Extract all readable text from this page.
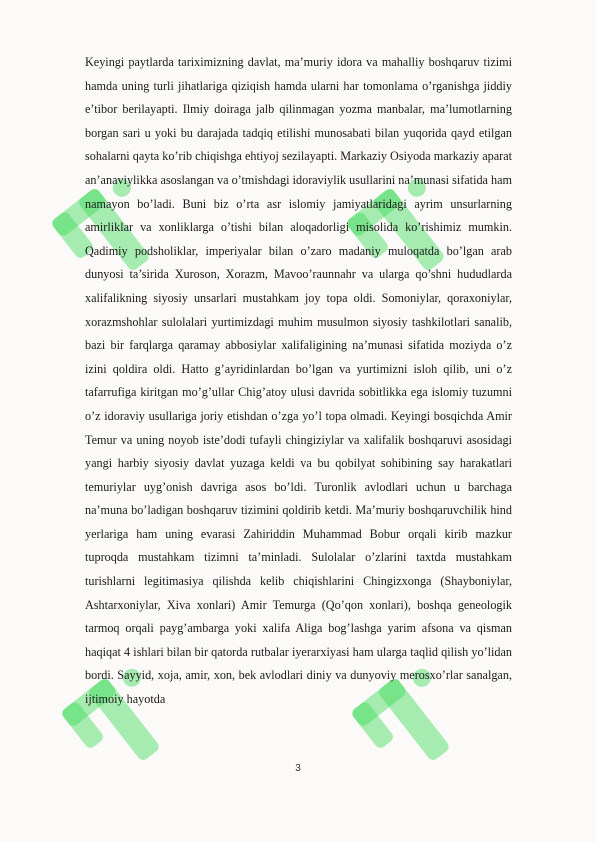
Keyingi paytlarda tariximizning davlat, ma’muriy idora va mahalliy boshqaruv tizimi hamda uning turli jihatlariga qiziqish hamda ularni har tomonlama o’rganishga jiddiy e’tibor berilayapti. Ilmiy doiraga jalb qilinmagan yozma manbalar, ma’lumotlarning borgan sari u yoki bu darajada tadqiq etilishi munosabati bilan yuqorida qayd etilgan sohalarni qayta ko’rib chiqishga ehtiyoj sezilayapti. Markaziy Osiyoda markaziy aparat an’anaviylikka asoslangan va o’tmishdagi idoraviylik usullarini na’munasi sifatida ham namayon bo’ladi. Buni biz o’rta asr islomiy jamiyatlaridagi ayrim unsurlarning amirliklar va xonliklarga o’tishi bilan aloqadorligi misolida ko’rishimiz mumkin. Qadimiy podsholiklar, imperiyalar bilan o’zaro madaniy muloqatda bo’lgan arab dunyosi ta’sirida Xuroson, Xorazm, Mavoo’raunnahr va ularga qo’shni hududlarda xalifalikning siyosiy unsarlari mustahkam joy topa oldi. Somoniylar, qoraxoniylar, xorazmshohlar sulolalari yurtimizdagi muhim musulmon siyosiy tashkilotlari sanalib, bazi bir farqlarga qaramay abbosiylar xalifaligining na’munasi sifatida moziyda o’z izini qoldira oldi. Hatto g’ayridinlardan bo’lgan va yurtimizni isloh qilib, uni o’z tafarrufiga kiritgan mo’g’ullar Chig’atoy ulusi davrida sobitlikka ega islomiy tuzumni o’z idoraviy usullariga joriy etishdan o’zga yo’l topa olmadi. Keyingi bosqichda Amir Temur va uning noyob iste’dodi tufayli chingiziylar va xalifalik boshqaruvi asosidagi yangi harbiy siyosiy davlat yuzaga keldi va bu qobilyat sohibining say harakatlari temuriylar uyg’onish davriga asos bo’ldi. Turonlik avlodlari uchun u barchaga na’muna bo’ladigan boshqaruv tizimini qoldirib ketdi. Ma’muriy boshqaruvchilik hind yerlariga ham uning evarasi Zahiriddin Muhammad Bobur orqali kirib mazkur tuproqda mustahkam tizimni ta’minladi. Sulolalar o’zlarini taxtda mustahkam turishlarni legitimasiya qilishda kelib chiqishlarini Chingizxonga (Shayboniylar, Ashtarxoniylar, Xiva xonlari) Amir Temurga (Qo’qon xonlari), boshqa geneologik tarmoq orqali payg’ambarga yoki xalifa Aliga bog’lashga yarim afsona va qisman haqiqat 4 ishlari bilan bir qatorda rutbalar iyerarxiyasi ham ularga taqlid qilish yo’lidan bordi. Sayyid, xoja, amir, xon, bek avlodlari diniy va dunyoviy merosxo’rlar sanalgan, ijtimoiy hayotda

3
